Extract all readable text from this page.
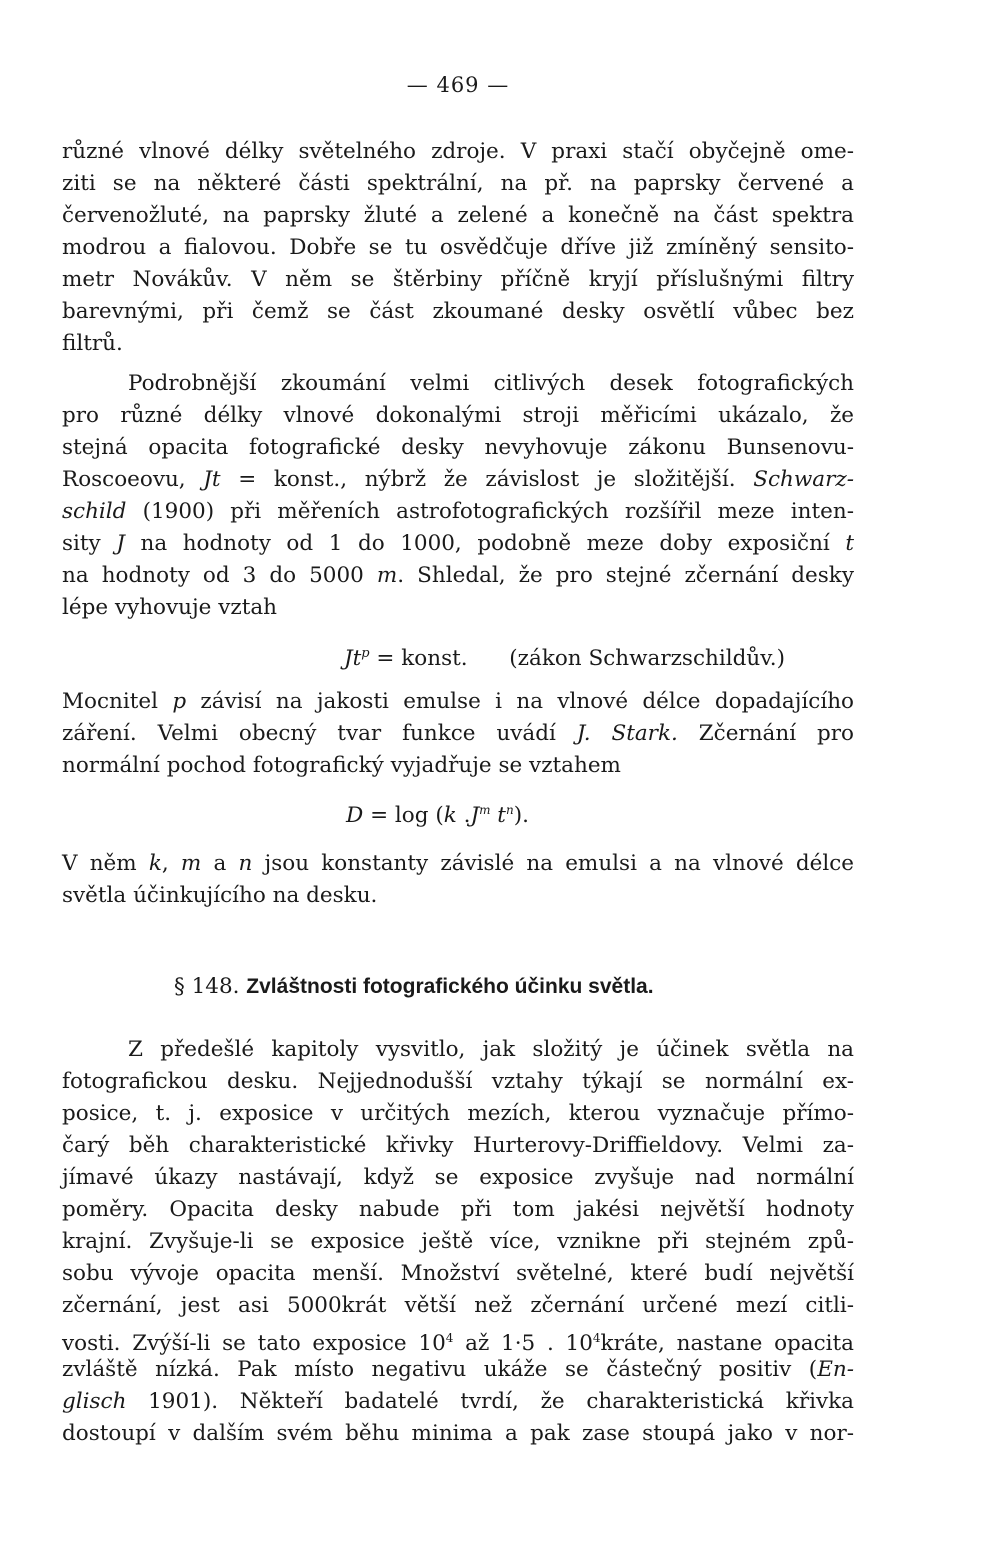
— 469 —
různé vlnové délky světelného zdroje. V praxi stačí obyčejně ome-
ziti se na některé části spektrální, na př. na paprsky červené a
červenožluté, na paprsky žluté a zelené a konečně na část spektra
modrou a fialovou. Dobře se tu osvědčuje dříve již zmíněný sensito-
metr Novákův. V něm se štěrbiny příčně kryjí příslušnými filtry
barevnými, při čemž se část zkoumané desky osvětlí vůbec bez
filtrů.
Podrobnější zkoumání velmi citlivých desek fotografických
pro různé délky vlnové dokonalými stroji měřicími ukázalo, že
stejná opacita fotografické desky nevyhovuje zákonu Bunsenovu-
Roscoeovu, Jt = konst., nýbrž že závislost je složitější. Schwarz-
schild (1900) při měřeních astrofotografických rozšířil meze inten-
sity J na hodnoty od 1 do 1000, podobně meze doby exposiční t
na hodnoty od 3 do 5000 m. Shledal, že pro stejné zčernání desky
lépe vyhovuje vztah
$Jt^p$ = konst. (zákon Schwarzschildův.)
Mocnitel p závisí na jakosti emulse i na vlnové délce dopadajícího
záření. Velmi obecný tvar funkce uvádí J. Stark. Zčernání pro
normální pochod fotografický vyjadřuje se vztahem
D = log (k $.J^m$ $t^n$).
V něm k, m a n jsou konstanty závislé na emulsi a na vlnové délce
světla účinkujícího na desku.
§ 148. Zvláštnosti fotografického účinku světla.
Z předešlé kapitoly vysvitlo, jak složitý je účinek světla na
fotografickou desku. Nejjednodušší vztahy týkají se normální ex-
posice, t. j. exposice v určitých mezích, kterou vyznačuje přímo-
čarý běh charakteristické křivky Hurterovy-Driffieldovy. Velmi za-
jímavé úkazy nastávají, když se exposice zvyšuje nad normální
poměry. Opacita desky nabude při tom jakési největší hodnoty
krajní. Zvyšuje-li se exposice ještě více, vznikne při stejném způ-
sobu vývoje opacita menší. Množství světelné, které budí největší
zčernání, jest asi 5000krát větší než zčernání určené mezí citli-
vosti. Zvýší-li se tato exposice $10^4$ až 1·5 . $10^4kráte$, nastane opacita
zvláště nízká. Pak místo negativu ukáže se částečný positiv (En-
glisch 1901). Někteří badatelé tvrdí, že charakteristická křivka
dostoupí v dalším svém běhu minima a pak zase stoupá jako v nor-
